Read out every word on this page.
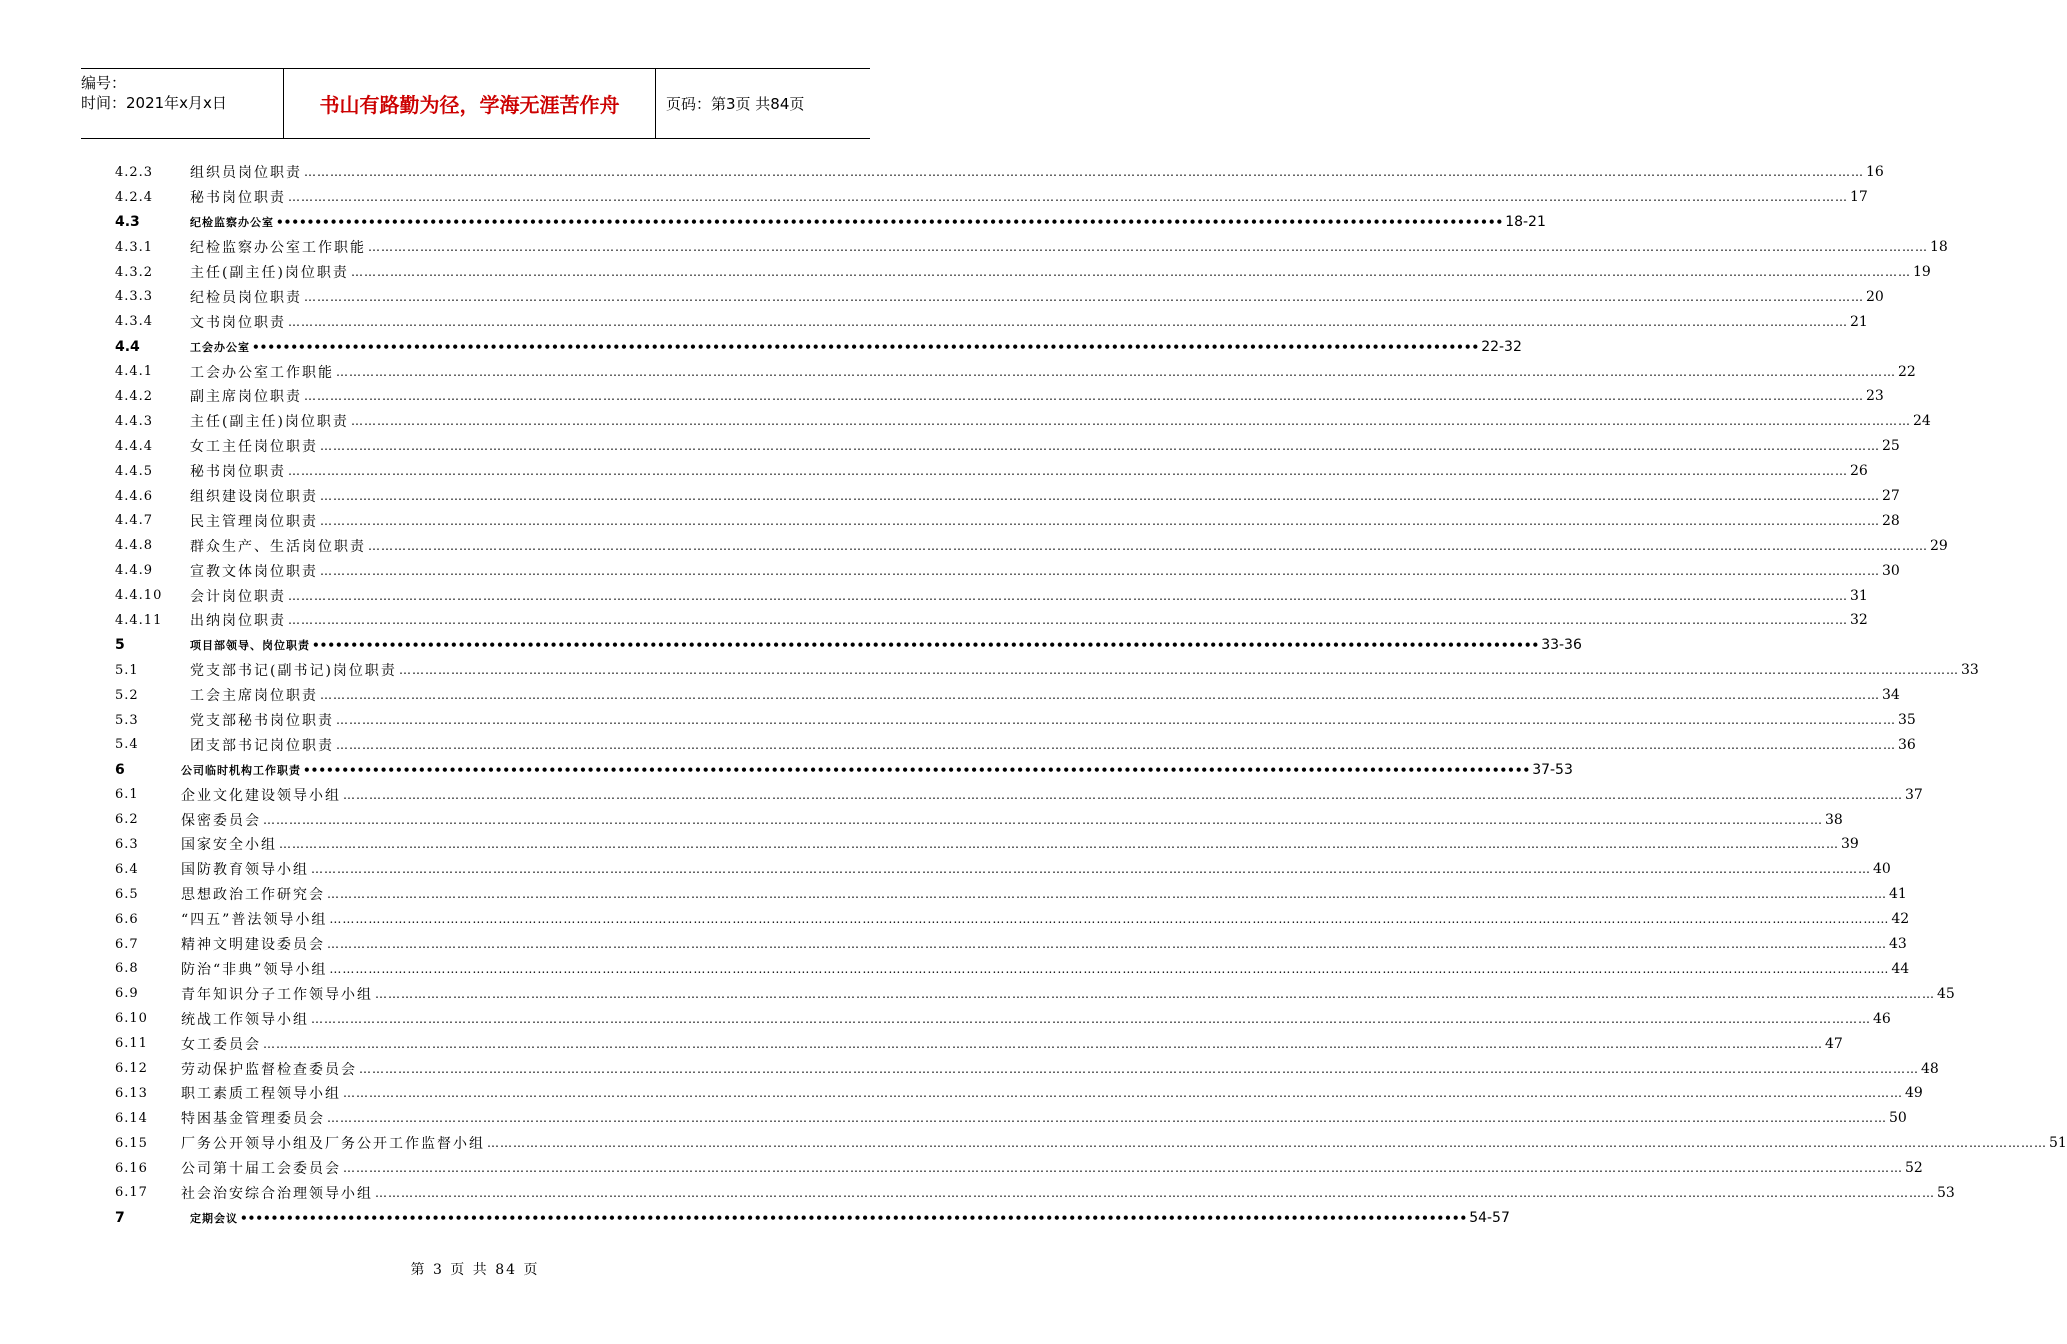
编号：
时间：2021年x月x日	书山有路勤为径，学海无涯苦作舟	页码：第3页 共84页
4.2.3	组织员岗位职责 ……………………………………………………………………………………………………………………………………………………………………………………………………………………………………………………………………………………………………………………………… 16
4.2.4	秘书岗位职责 ……………………………………………………………………………………………………………………………………………………………………………………………………………………………………………………………………………………………………………………………… 17
4.3	纪检监察办公室 •••••••••••••••••••••••••••••••••••••••••••••••••••••••••••••••••••••••••••••••••••••••••••••••••••••••••••••••••••••••••••••••••••••••••••••••••••••••••••••••• 18-21
4.3.1	纪检监察办公室工作职能 ……………………………………………………………………………………………………………………………………………………………………………………………………………………………………………………………………………………………………………………………… 18
4.3.2	主任(副主任)岗位职责 ……………………………………………………………………………………………………………………………………………………………………………………………………………………………………………………………………………………………………………………………… 19
4.3.3	纪检员岗位职责 ……………………………………………………………………………………………………………………………………………………………………………………………………………………………………………………………………………………………………………………………… 20
4.3.4	文书岗位职责 ……………………………………………………………………………………………………………………………………………………………………………………………………………………………………………………………………………………………………………………………… 21
4.4	工会办公室 •••••••••••••••••••••••••••••••••••••••••••••••••••••••••••••••••••••••••••••••••••••••••••••••••••••••••••••••••••••••••••••••••••••••••••••••••••••••••••••••• 22-32
4.4.1	工会办公室工作职能 ……………………………………………………………………………………………………………………………………………………………………………………………………………………………………………………………………………………………………………………………… 22
4.4.2	副主席岗位职责 ……………………………………………………………………………………………………………………………………………………………………………………………………………………………………………………………………………………………………………………………… 23
4.4.3	主任(副主任)岗位职责 ……………………………………………………………………………………………………………………………………………………………………………………………………………………………………………………………………………………………………………………………… 24
4.4.4	女工主任岗位职责 ……………………………………………………………………………………………………………………………………………………………………………………………………………………………………………………………………………………………………………………………… 25
4.4.5	秘书岗位职责 ……………………………………………………………………………………………………………………………………………………………………………………………………………………………………………………………………………………………………………………………… 26
4.4.6	组织建设岗位职责 ……………………………………………………………………………………………………………………………………………………………………………………………………………………………………………………………………………………………………………………………… 27
4.4.7	民主管理岗位职责 ……………………………………………………………………………………………………………………………………………………………………………………………………………………………………………………………………………………………………………………………… 28
4.4.8	群众生产、生活岗位职责 ……………………………………………………………………………………………………………………………………………………………………………………………………………………………………………………………………………………………………………………………… 29
4.4.9	宣教文体岗位职责 ……………………………………………………………………………………………………………………………………………………………………………………………………………………………………………………………………………………………………………………………… 30
4.4.10	会计岗位职责 ……………………………………………………………………………………………………………………………………………………………………………………………………………………………………………………………………………………………………………………………… 31
4.4.11	出纳岗位职责 ……………………………………………………………………………………………………………………………………………………………………………………………………………………………………………………………………………………………………………………………… 32
5	项目部领导、岗位职责 •••••••••••••••••••••••••••••••••••••••••••••••••••••••••••••••••••••••••••••••••••••••••••••••••••••••••••••••••••••••••••••••••••••••••••••••••••••••••••••••• 33-36
5.1	党支部书记(副书记)岗位职责 ……………………………………………………………………………………………………………………………………………………………………………………………………………………………………………………………………………………………………………………………… 33
5.2	工会主席岗位职责 ……………………………………………………………………………………………………………………………………………………………………………………………………………………………………………………………………………………………………………………………… 34
5.3	党支部秘书岗位职责 ……………………………………………………………………………………………………………………………………………………………………………………………………………………………………………………………………………………………………………………………… 35
5.4	团支部书记岗位职责 ……………………………………………………………………………………………………………………………………………………………………………………………………………………………………………………………………………………………………………………………… 36
6	公司临时机构工作职责 •••••••••••••••••••••••••••••••••••••••••••••••••••••••••••••••••••••••••••••••••••••••••••••••••••••••••••••••••••••••••••••••••••••••••••••••••••••••••••••••• 37-53
6.1	企业文化建设领导小组 ……………………………………………………………………………………………………………………………………………………………………………………………………………………………………………………………………………………………………………………………… 37
6.2	保密委员会 ……………………………………………………………………………………………………………………………………………………………………………………………………………………………………………………………………………………………………………………………… 38
6.3	国家安全小组 ……………………………………………………………………………………………………………………………………………………………………………………………………………………………………………………………………………………………………………………………… 39
6.4	国防教育领导小组 ……………………………………………………………………………………………………………………………………………………………………………………………………………………………………………………………………………………………………………………………… 40
6.5	思想政治工作研究会 ……………………………………………………………………………………………………………………………………………………………………………………………………………………………………………………………………………………………………………………………… 41
6.6	“四五”普法领导小组 ……………………………………………………………………………………………………………………………………………………………………………………………………………………………………………………………………………………………………………………………… 42
6.7	精神文明建设委员会 ……………………………………………………………………………………………………………………………………………………………………………………………………………………………………………………………………………………………………………………………… 43
6.8	防治“非典”领导小组 ……………………………………………………………………………………………………………………………………………………………………………………………………………………………………………………………………………………………………………………………… 44
6.9	青年知识分子工作领导小组 ……………………………………………………………………………………………………………………………………………………………………………………………………………………………………………………………………………………………………………………………… 45
6.10	统战工作领导小组 ……………………………………………………………………………………………………………………………………………………………………………………………………………………………………………………………………………………………………………………………… 46
6.11	女工委员会 ……………………………………………………………………………………………………………………………………………………………………………………………………………………………………………………………………………………………………………………………… 47
6.12	劳动保护监督检查委员会 ……………………………………………………………………………………………………………………………………………………………………………………………………………………………………………………………………………………………………………………………… 48
6.13	职工素质工程领导小组 ……………………………………………………………………………………………………………………………………………………………………………………………………………………………………………………………………………………………………………………………… 49
6.14	特困基金管理委员会 ……………………………………………………………………………………………………………………………………………………………………………………………………………………………………………………………………………………………………………………………… 50
6.15	厂务公开领导小组及厂务公开工作监督小组 ……………………………………………………………………………………………………………………………………………………………………………………………………………………………………………………………………………………………………………………………… 51
6.16	公司第十届工会委员会 ……………………………………………………………………………………………………………………………………………………………………………………………………………………………………………………………………………………………………………………………… 52
6.17	社会治安综合治理领导小组 ……………………………………………………………………………………………………………………………………………………………………………………………………………………………………………………………………………………………………………………………… 53
7	定期会议 •••••••••••••••••••••••••••••••••••••••••••••••••••••••••••••••••••••••••••••••••••••••••••••••••••••••••••••••••••••••••••••••••••••••••••••••••••••••••••••••• 54-57
第 3 页 共 84 页
